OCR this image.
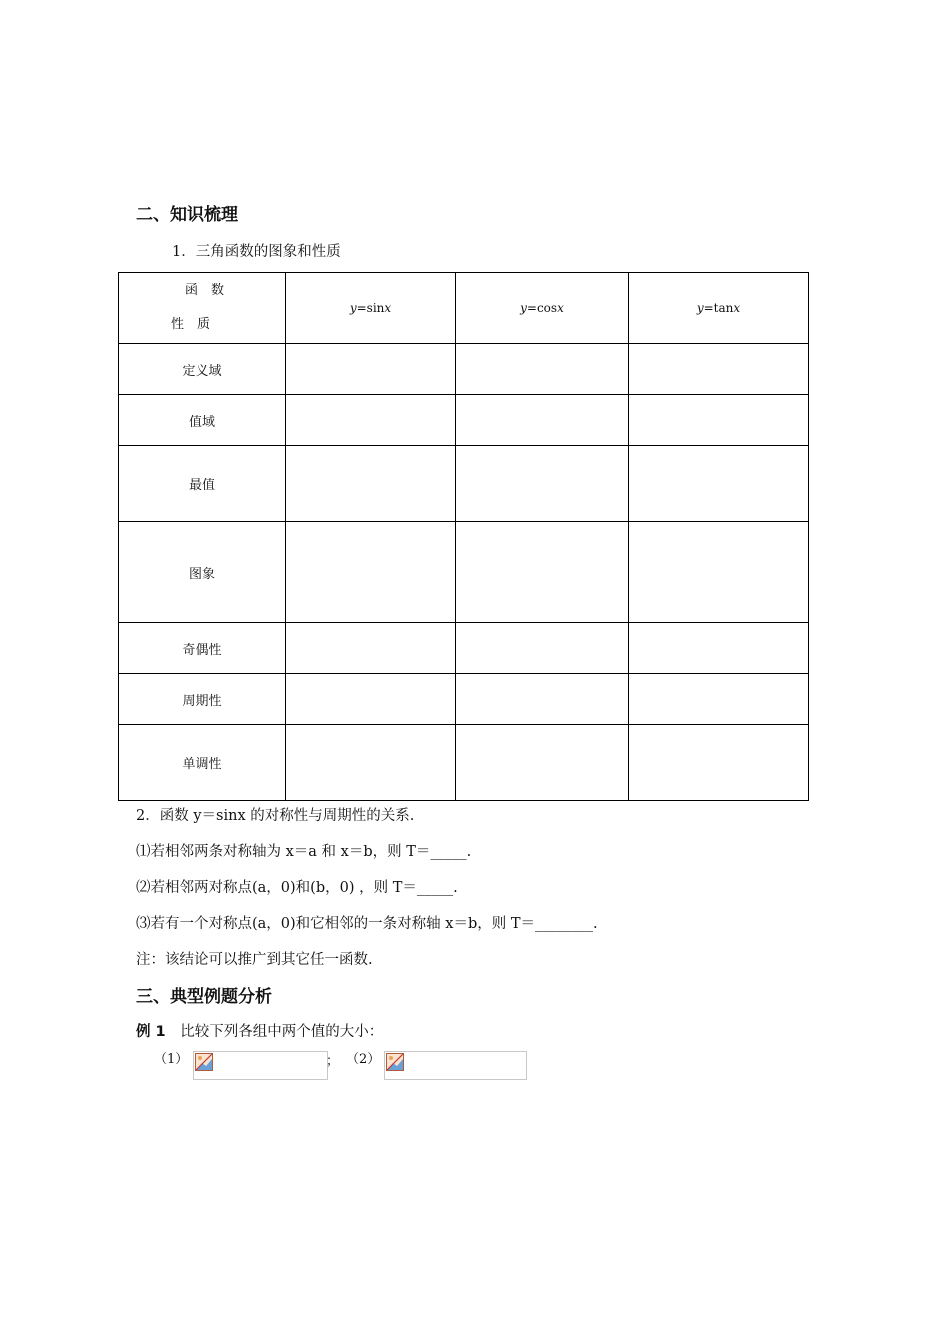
二、知识梳理
1．三角函数的图象和性质
函　数
性　质	y=sinx	y=cosx	y=tanx
定义域			
值域			
最值			
图象			
奇偶性			
周期性			
单调性			
2．函数 y＝sinx 的对称性与周期性的关系.
⑴若相邻两条对称轴为 x＝a 和 x＝b，则 T＝_____.
⑵若相邻两对称点(a，0)和(b，0) ，则 T＝_____.
⑶若有一个对称点(a，0)和它相邻的一条对称轴 x＝b，则 T＝________.
注：该结论可以推广到其它任一函数.
三、典型例题分析
例 1 比较下列各组中两个值的大小：
（1）	； （2）
